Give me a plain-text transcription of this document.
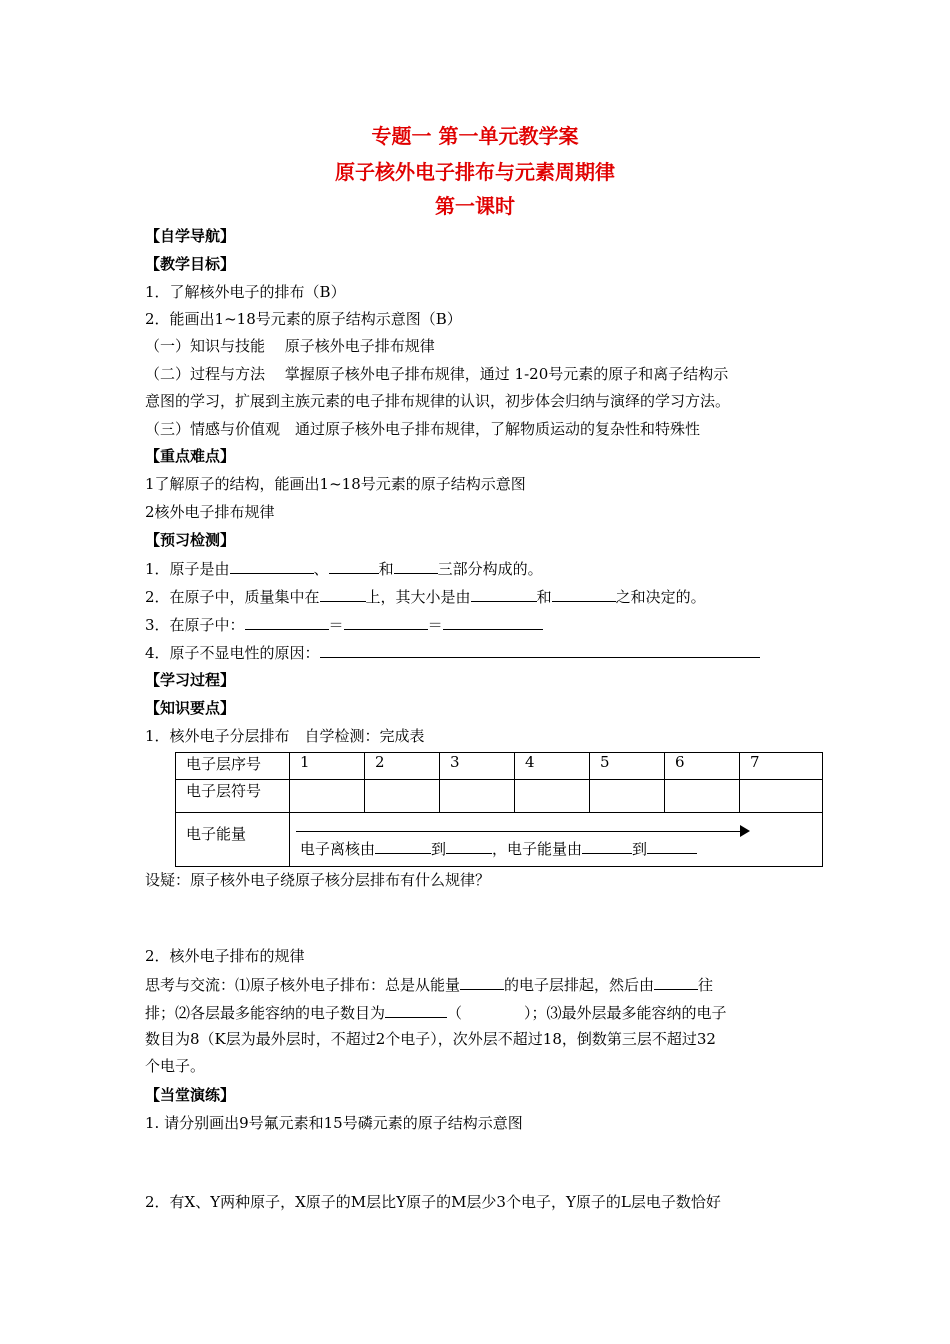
专题一 第一单元教学案
原子核外电子排布与元素周期律
第一课时
【自学导航】
【教学目标】
1．了解核外电子的排布（B）
2．能画出1~18号元素的原子结构示意图（B）
（一）知识与技能　 原子核外电子排布规律
（二）过程与方法　 掌握原子核外电子排布规律，通过 1-20号元素的原子和离子结构示
意图的学习，扩展到主族元素的电子排布规律的认识，初步体会归纳与演绎的学习方法。
（三）情感与价值观　通过原子核外电子排布规律，了解物质运动的复杂性和特殊性
【重点难点】
1了解原子的结构，能画出1~18号元素的原子结构示意图
2核外电子排布规律
【预习检测】
1．原子是由	、	和	三部分构成的。
2．在原子中，质量集中在	上，其大小是由	和	之和决定的。
3．在原子中：	＝	＝
4．原子不显电性的原因：
【学习过程】
【知识要点】
1．核外电子分层排布　自学检测：完成表
电子层序号	1	2	3	4	5	6	7
电子层符号							
电子能量	电子离核由 到 ，电子能量由 到						
设疑：原子核外电子绕原子核分层排布有什么规律？
2．核外电子排布的规律
思考与交流：⑴原子核外电子排布：总是从能量	的电子层排起，然后由	往
排；⑵各层最多能容纳的电子数目为	（	）；⑶最外层最多能容纳的电子
数目为8（K层为最外层时，不超过2个电子），次外层不超过18，倒数第三层不超过32
个电子。
【当堂演练】
1. 请分别画出9号氟元素和15号磷元素的原子结构示意图
2．有X、Y两种原子，X原子的M层比Y原子的M层少3个电子，Y原子的L层电子数恰好
